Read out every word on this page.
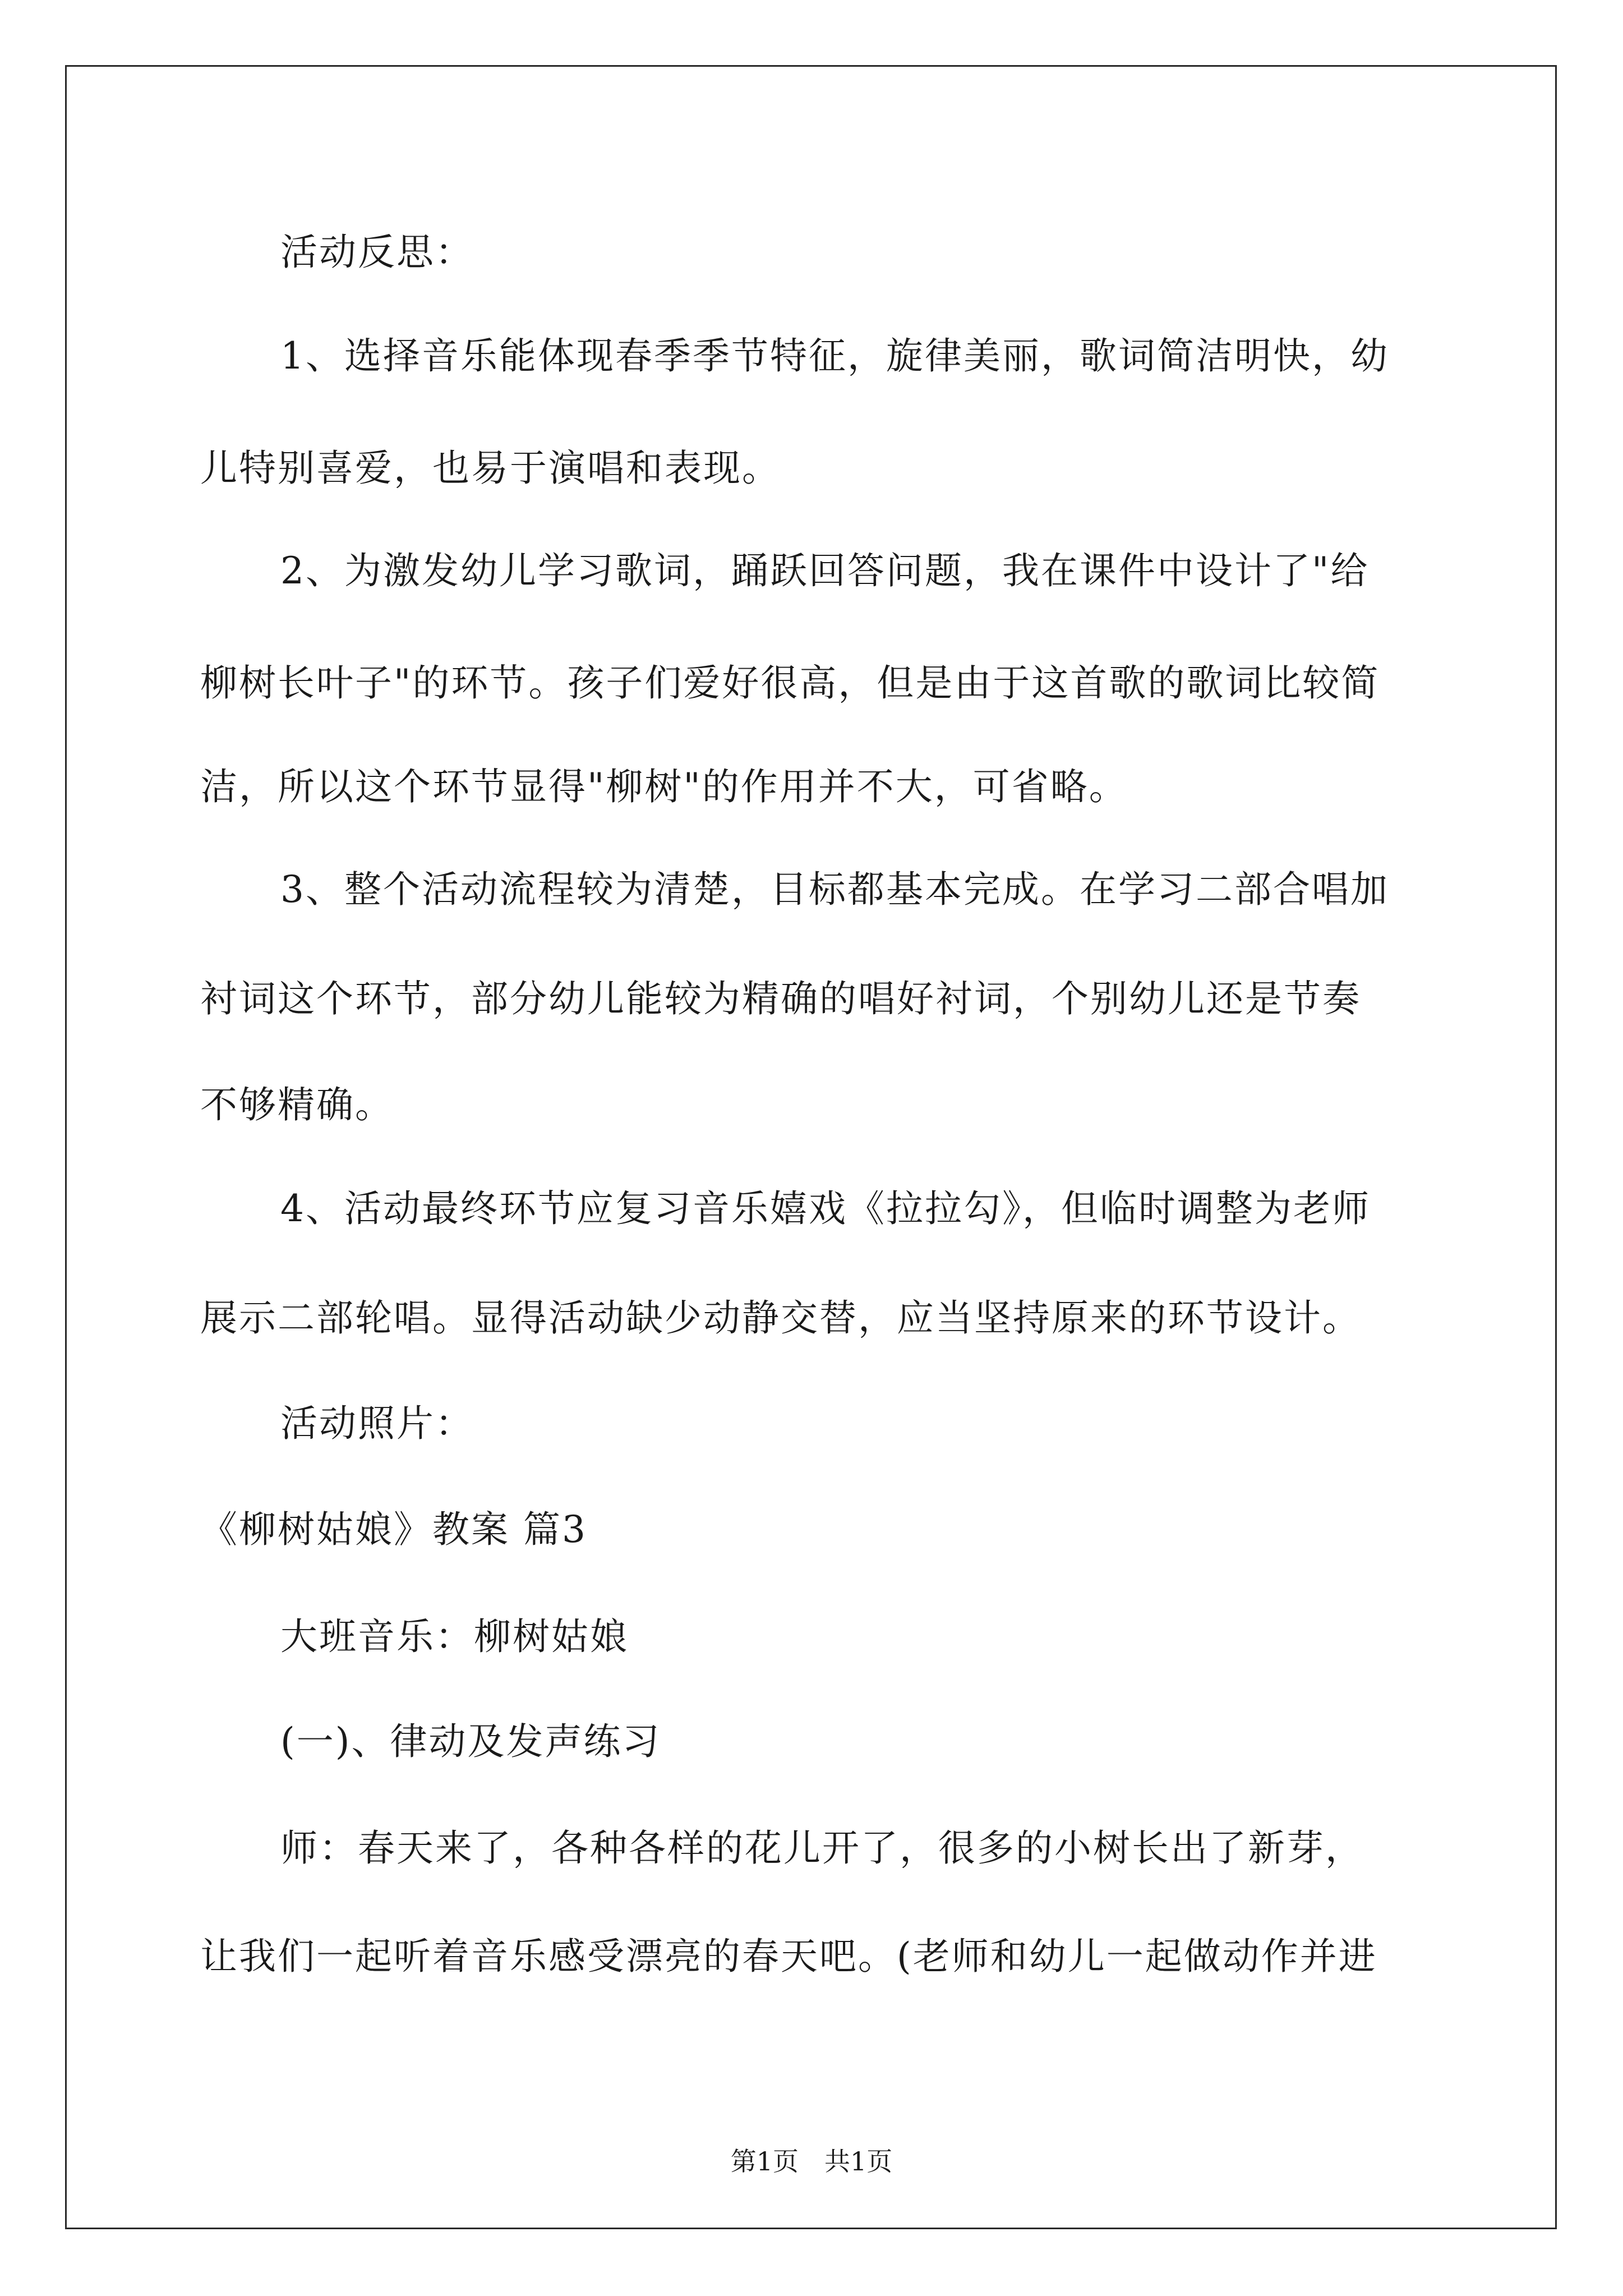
活动反思：
1、选择音乐能体现春季季节特征，旋律美丽，歌词简洁明快，幼
儿特别喜爱，也易于演唱和表现。
2、为激发幼儿学习歌词，踊跃回答问题，我在课件中设计了"给
柳树长叶子"的环节。孩子们爱好很高，但是由于这首歌的歌词比较简
洁，所以这个环节显得"柳树"的作用并不大，可省略。
3、整个活动流程较为清楚，目标都基本完成。在学习二部合唱加
衬词这个环节，部分幼儿能较为精确的唱好衬词，个别幼儿还是节奏
不够精确。
4、活动最终环节应复习音乐嬉戏《拉拉勾》，但临时调整为老师
展示二部轮唱。显得活动缺少动静交替，应当坚持原来的环节设计。
活动照片：
《柳树姑娘》教案 篇3
大班音乐：柳树姑娘
(一)、律动及发声练习
师：春天来了，各种各样的花儿开了，很多的小树长出了新芽，
让我们一起听着音乐感受漂亮的春天吧。(老师和幼儿一起做动作并进
第1页　共1页
